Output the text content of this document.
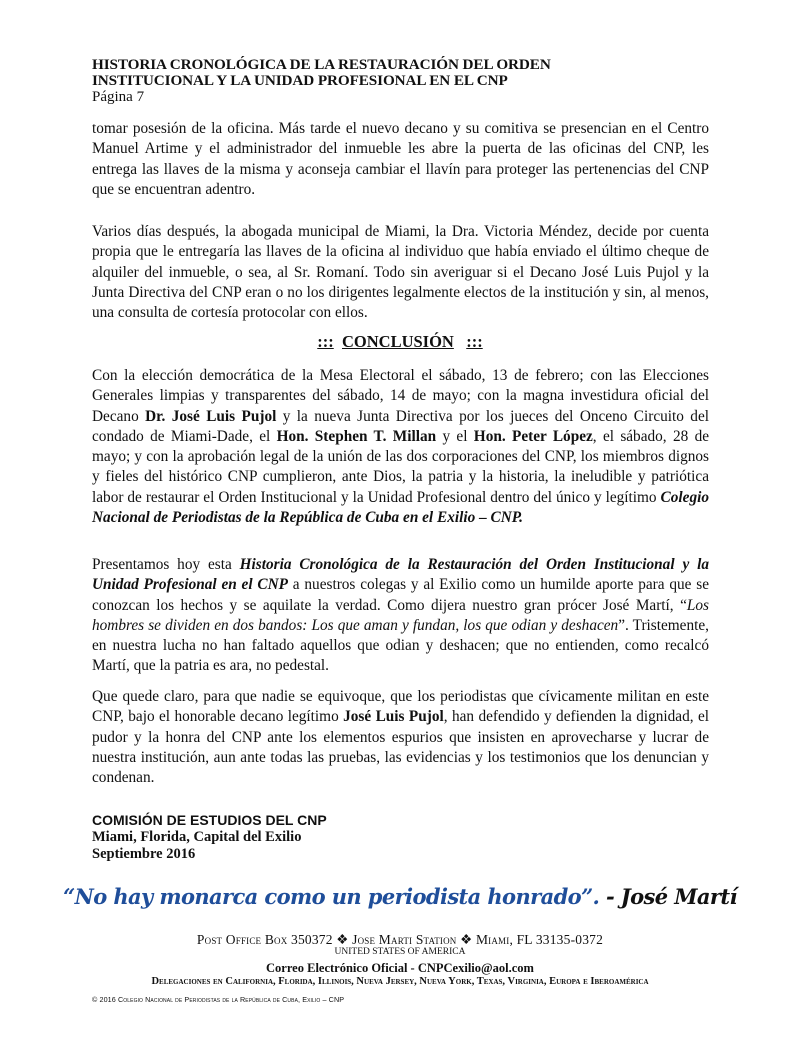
HISTORIA CRONOLÓGICA DE LA RESTAURACIÓN DEL ORDEN
INSTITUCIONAL Y LA UNIDAD PROFESIONAL EN EL CNP
Página 7
tomar posesión de la oficina. Más tarde el nuevo decano y su comitiva se presencian en el Centro Manuel Artime y el administrador del inmueble les abre la puerta de las oficinas del CNP, les entrega las llaves de la misma y aconseja cambiar el llavín para proteger las pertenencias del CNP que se encuentran adentro.
Varios días después, la abogada municipal de Miami, la Dra. Victoria Méndez, decide por cuenta propia que le entregaría las llaves de la oficina al individuo que había enviado el último cheque de alquiler del inmueble, o sea, al Sr. Romaní. Todo sin averiguar si el Decano José Luis Pujol y la Junta Directiva del CNP eran o no los dirigentes legalmente electos de la institución y sin, al menos, una consulta de cortesía protocolar con ellos.
::: CONCLUSIÓN :::
Con la elección democrática de la Mesa Electoral el sábado, 13 de febrero; con las Elecciones Generales limpias y transparentes del sábado, 14 de mayo; con la magna investidura oficial del Decano Dr. José Luis Pujol y la nueva Junta Directiva por los jueces del Onceno Circuito del condado de Miami-Dade, el Hon. Stephen T. Millan y el Hon. Peter López, el sábado, 28 de mayo; y con la aprobación legal de la unión de las dos corporaciones del CNP, los miembros dignos y fieles del histórico CNP cumplieron, ante Dios, la patria y la historia, la ineludible y patriótica labor de restaurar el Orden Institucional y la Unidad Profesional dentro del único y legítimo Colegio Nacional de Periodistas de la República de Cuba en el Exilio – CNP.
Presentamos hoy esta Historia Cronológica de la Restauración del Orden Institucional y la Unidad Profesional en el CNP a nuestros colegas y al Exilio como un humilde aporte para que se conozcan los hechos y se aquilate la verdad. Como dijera nuestro gran prócer José Martí, “Los hombres se dividen en dos bandos: Los que aman y fundan, los que odian y deshacen”. Tristemente, en nuestra lucha no han faltado aquellos que odian y deshacen; que no entienden, como recalcó Martí, que la patria es ara, no pedestal.
Que quede claro, para que nadie se equivoque, que los periodistas que cívicamente militan en este CNP, bajo el honorable decano legítimo José Luis Pujol, han defendido y defienden la dignidad, el pudor y la honra del CNP ante los elementos espurios que insisten en aprovecharse y lucrar de nuestra institución, aun ante todas las pruebas, las evidencias y los testimonios que los denuncian y condenan.
COMISIÓN DE ESTUDIOS DEL CNP
Miami, Florida, Capital del Exilio
Septiembre 2016
“No hay monarca como un periodista honrado”. - José Martí
Post Office Box 350372 ❖ Jose Marti Station ❖ Miami, FL 33135-0372
UNITED STATES OF AMERICA
Correo Electrónico Oficial - CNPCexilio@aol.com
Delegaciones en California, Florida, Illinois, Nueva Jersey, Nueva York, Texas, Virginia, Europa e Iberoamérica
© 2016 Colegio Nacional de Periodistas de la República de Cuba, Exilio – CNP
